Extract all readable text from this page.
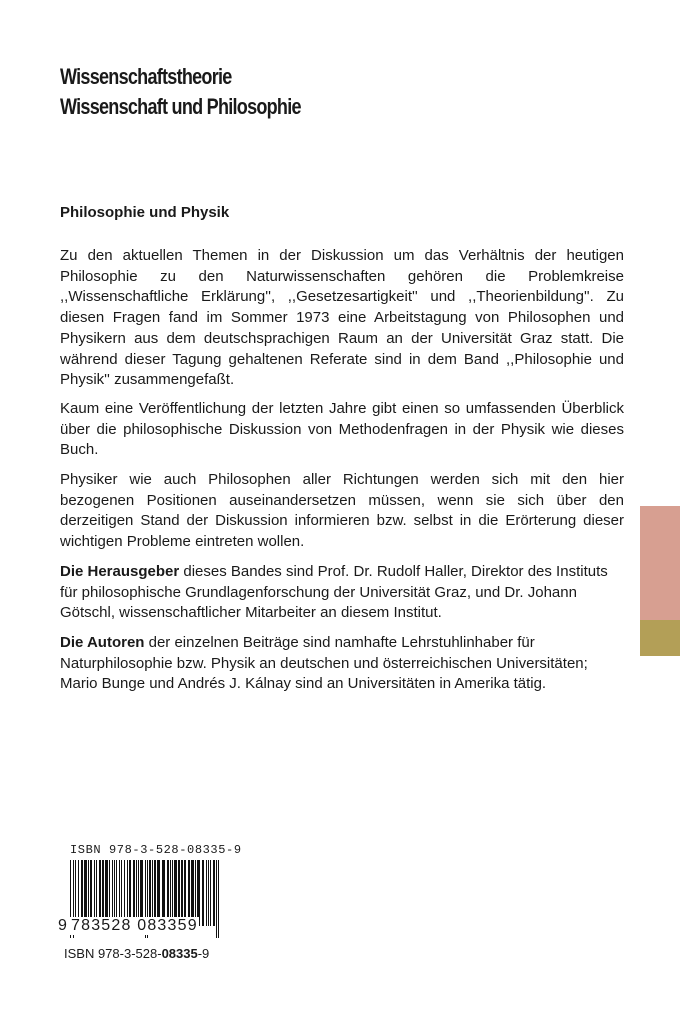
Wissenschaftstheorie
Wissenschaft und Philosophie
Philosophie und Physik

Zu den aktuellen Themen in der Diskussion um das Verhältnis der heutigen Philosophie zu den Naturwissenschaften gehören die Problemkreise ,,Wissenschaftliche Erklärung'', ,,Gesetzesartigkeit'' und ,,Theorienbildung''. Zu diesen Fragen fand im Sommer 1973 eine Arbeitstagung von Philosophen und Physikern aus dem deutschsprachigen Raum an der Universität Graz statt. Die während dieser Tagung gehaltenen Referate sind in dem Band ,,Philosophie und Physik'' zusammengefaßt.

Kaum eine Veröffentlichung der letzten Jahre gibt einen so umfassenden Überblick über die philosophische Diskussion von Methodenfragen in der Physik wie dieses Buch.

Physiker wie auch Philosophen aller Richtungen werden sich mit den hier bezogenen Positionen auseinandersetzen müssen, wenn sie sich über den derzeitigen Stand der Diskussion informieren bzw. selbst in die Erörterung dieser wichtigen Probleme eintreten wollen.

Die Herausgeber dieses Bandes sind Prof. Dr. Rudolf Haller, Direktor des Instituts für philosophische Grundlagenforschung der Universität Graz, und Dr. Johann Götschl, wissenschaftlicher Mitarbeiter an diesem Institut.

Die Autoren der einzelnen Beiträge sind namhafte Lehrstuhlinhaber für Naturphilosophie bzw. Physik an deutschen und österreichischen Universitäten; Mario Bunge und Andrés J. Kálnay sind an Universitäten in Amerika tätig.

ISBN 978-3-528-08335-9
9 783528 083359
ISBN 978-3-528-08335-9
